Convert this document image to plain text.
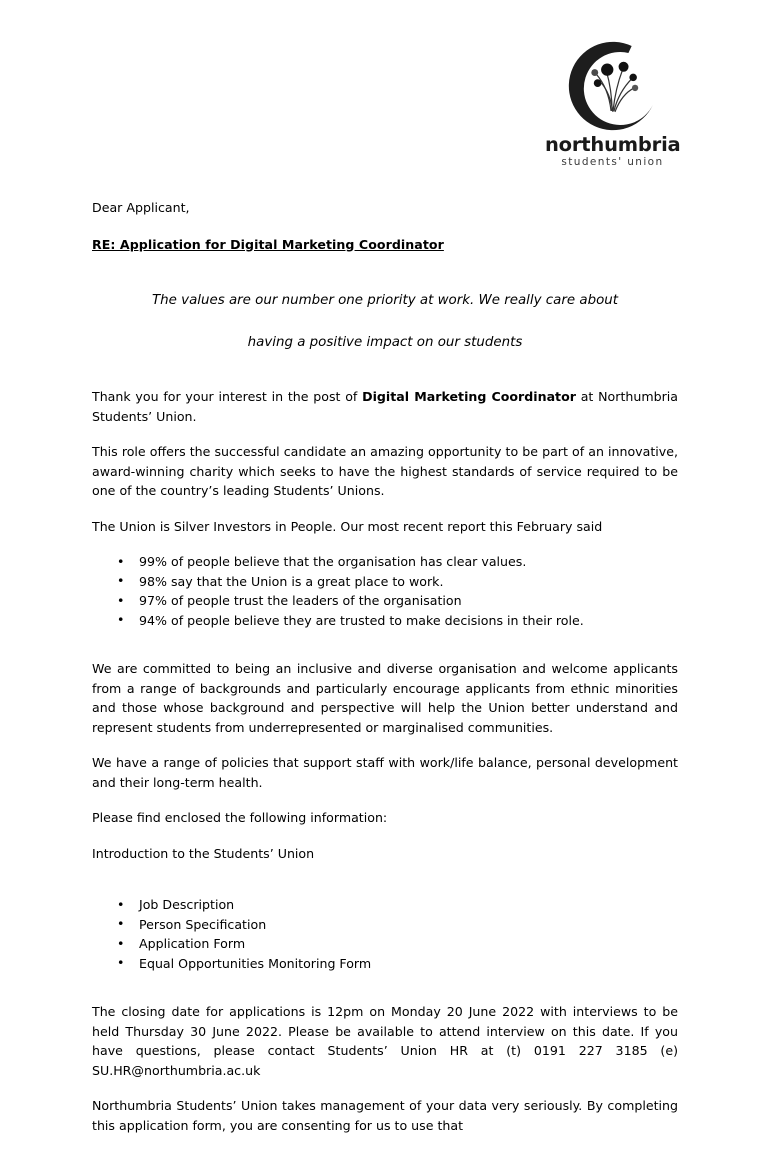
northumbria
students' union

Dear Applicant,

RE: Application for Digital Marketing Coordinator

The values are our number one priority at work. We really care about

having a positive impact on our students

Thank you for your interest in the post of Digital Marketing Coordinator at Northumbria Students’ Union.

This role offers the successful candidate an amazing opportunity to be part of an innovative, award-winning charity which seeks to have the highest standards of service required to be one of the country’s leading Students’ Unions.

The Union is Silver Investors in People. Our most recent report this February said

• 99% of people believe that the organisation has clear values.
• 98% say that the Union is a great place to work.
• 97% of people trust the leaders of the organisation
• 94% of people believe they are trusted to make decisions in their role.

We are committed to being an inclusive and diverse organisation and welcome applicants from a range of backgrounds and particularly encourage applicants from ethnic minorities and those whose background and perspective will help the Union better understand and represent students from underrepresented or marginalised communities.

We have a range of policies that support staff with work/life balance, personal development and their long-term health.

Please find enclosed the following information:

Introduction to the Students’ Union

• Job Description
• Person Specification
• Application Form
• Equal Opportunities Monitoring Form

The closing date for applications is 12pm on Monday 20 June 2022 with interviews to be held Thursday 30 June 2022. Please be available to attend interview on this date. If you have questions, please contact Students’ Union HR at (t) 0191 227 3185 (e) SU.HR@northumbria.ac.uk

Northumbria Students’ Union takes management of your data very seriously. By completing this application form, you are consenting for us to use that
